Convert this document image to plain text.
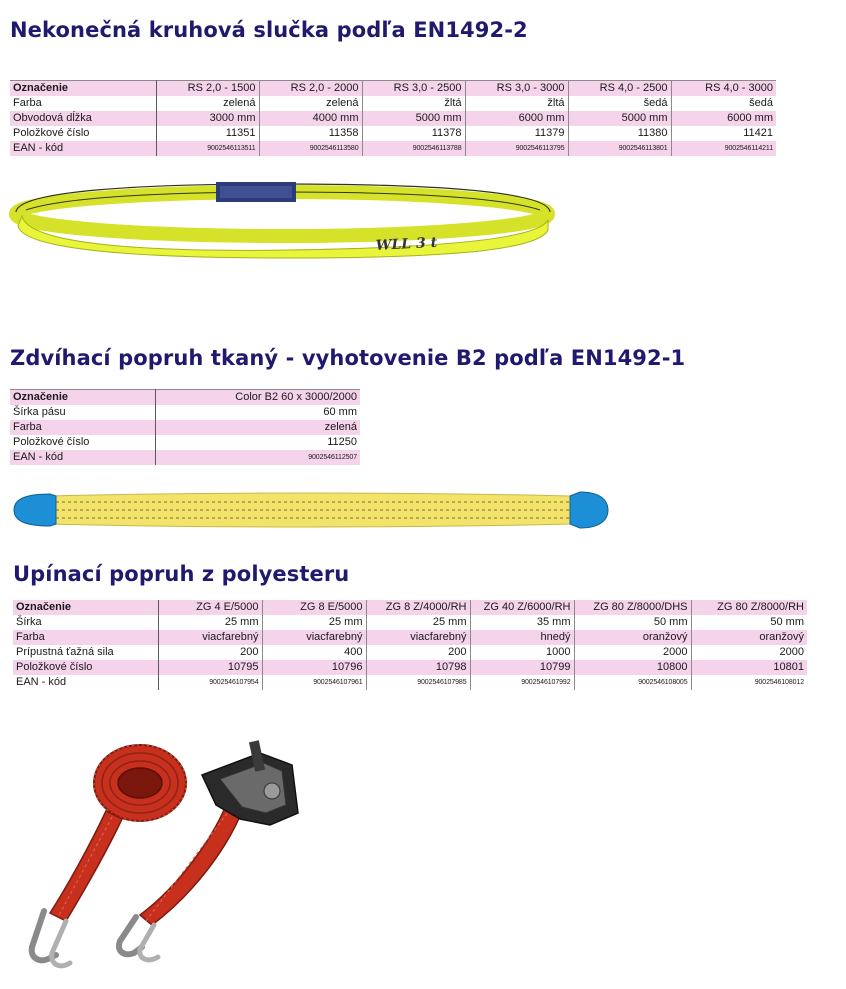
Nekonečná kruhová slučka podľa EN1492-2
Označenie	RS 2,0 - 1500	RS 2,0 - 2000	RS 3,0 - 2500	RS 3,0 - 3000	RS 4,0 - 2500	RS 4,0 - 3000
Farba	zelená	zelená	žltá	žltá	šedá	šedá
Obvodová dĺžka	3000 mm	4000 mm	5000 mm	6000 mm	5000 mm	6000 mm
Položkové číslo	11351	11358	11378	11379	11380	11421
EAN - kód	9002546113511	9002546113580	9002546113788	9002546113795	9002546113801	9002546114211
WLL 3 t
Zdvíhací popruh tkaný - vyhotovenie B2 podľa EN1492-1
Označenie	Color B2 60 x 3000/2000
Šírka pásu	60 mm
Farba	zelená
Položkové číslo	11250
EAN - kód	9002546112507
Upínací popruh z polyesteru
Označenie	ZG 4 E/5000	ZG 8 E/5000	ZG 8 Z/4000/RH	ZG 40 Z/6000/RH	ZG 80 Z/8000/DHS	ZG 80 Z/8000/RH
Šírka	25 mm	25 mm	25 mm	35 mm	50 mm	50 mm
Farba	viacfarebný	viacfarebný	viacfarebný	hnedý	oranžový	oranžový
Prípustná ťažná sila	200	400	200	1000	2000	2000
Položkové číslo	10795	10796	10798	10799	10800	10801
EAN - kód	9002546107954	9002546107961	9002546107985	9002546107992	9002546108005	9002546108012
